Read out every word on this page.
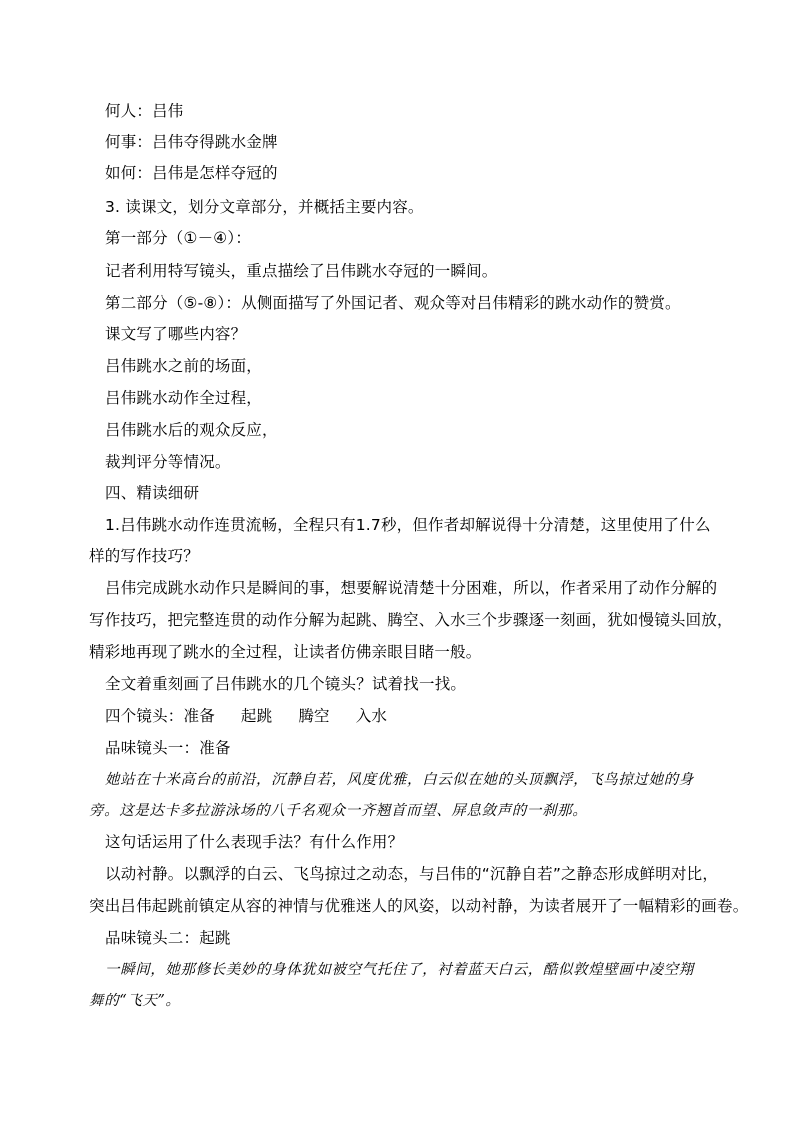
何人：吕伟
何事：吕伟夺得跳水金牌
如何：吕伟是怎样夺冠的
3. 读课文，划分文章部分，并概括主要内容。
第一部分（①－④）：
记者利用特写镜头，重点描绘了吕伟跳水夺冠的一瞬间。
第二部分（⑤-⑧）：从侧面描写了外国记者、观众等对吕伟精彩的跳水动作的赞赏。
课文写了哪些内容？
吕伟跳水之前的场面，
吕伟跳水动作全过程，
吕伟跳水后的观众反应，
裁判评分等情况。
四、精读细研
1.吕伟跳水动作连贯流畅，全程只有1.7秒，但作者却解说得十分清楚，这里使用了什么
样的写作技巧？
吕伟完成跳水动作只是瞬间的事，想要解说清楚十分困难，所以，作者采用了动作分解的
写作技巧，把完整连贯的动作分解为起跳、腾空、入水三个步骤逐一刻画，犹如慢镜头回放，
精彩地再现了跳水的全过程，让读者仿佛亲眼目睹一般。
全文着重刻画了吕伟跳水的几个镜头？试着找一找。
四个镜头：准备 起跳 腾空 入水
品味镜头一：准备
她站在十米高台的前沿，沉静自若，风度优雅，白云似在她的头顶飘浮，飞鸟掠过她的身
旁。这是达卡多拉游泳场的八千名观众一齐翘首而望、屏息敛声的一刹那。
这句话运用了什么表现手法？有什么作用？
以动衬静。以飘浮的白云、飞鸟掠过之动态，与吕伟的“沉静自若”之静态形成鲜明对比，
突出吕伟起跳前镇定从容的神情与优雅迷人的风姿，以动衬静，为读者展开了一幅精彩的画卷。
品味镜头二：起跳
一瞬间，她那修长美妙的身体犹如被空气托住了，衬着蓝天白云，酷似敦煌壁画中凌空翔
舞的“飞天”。
